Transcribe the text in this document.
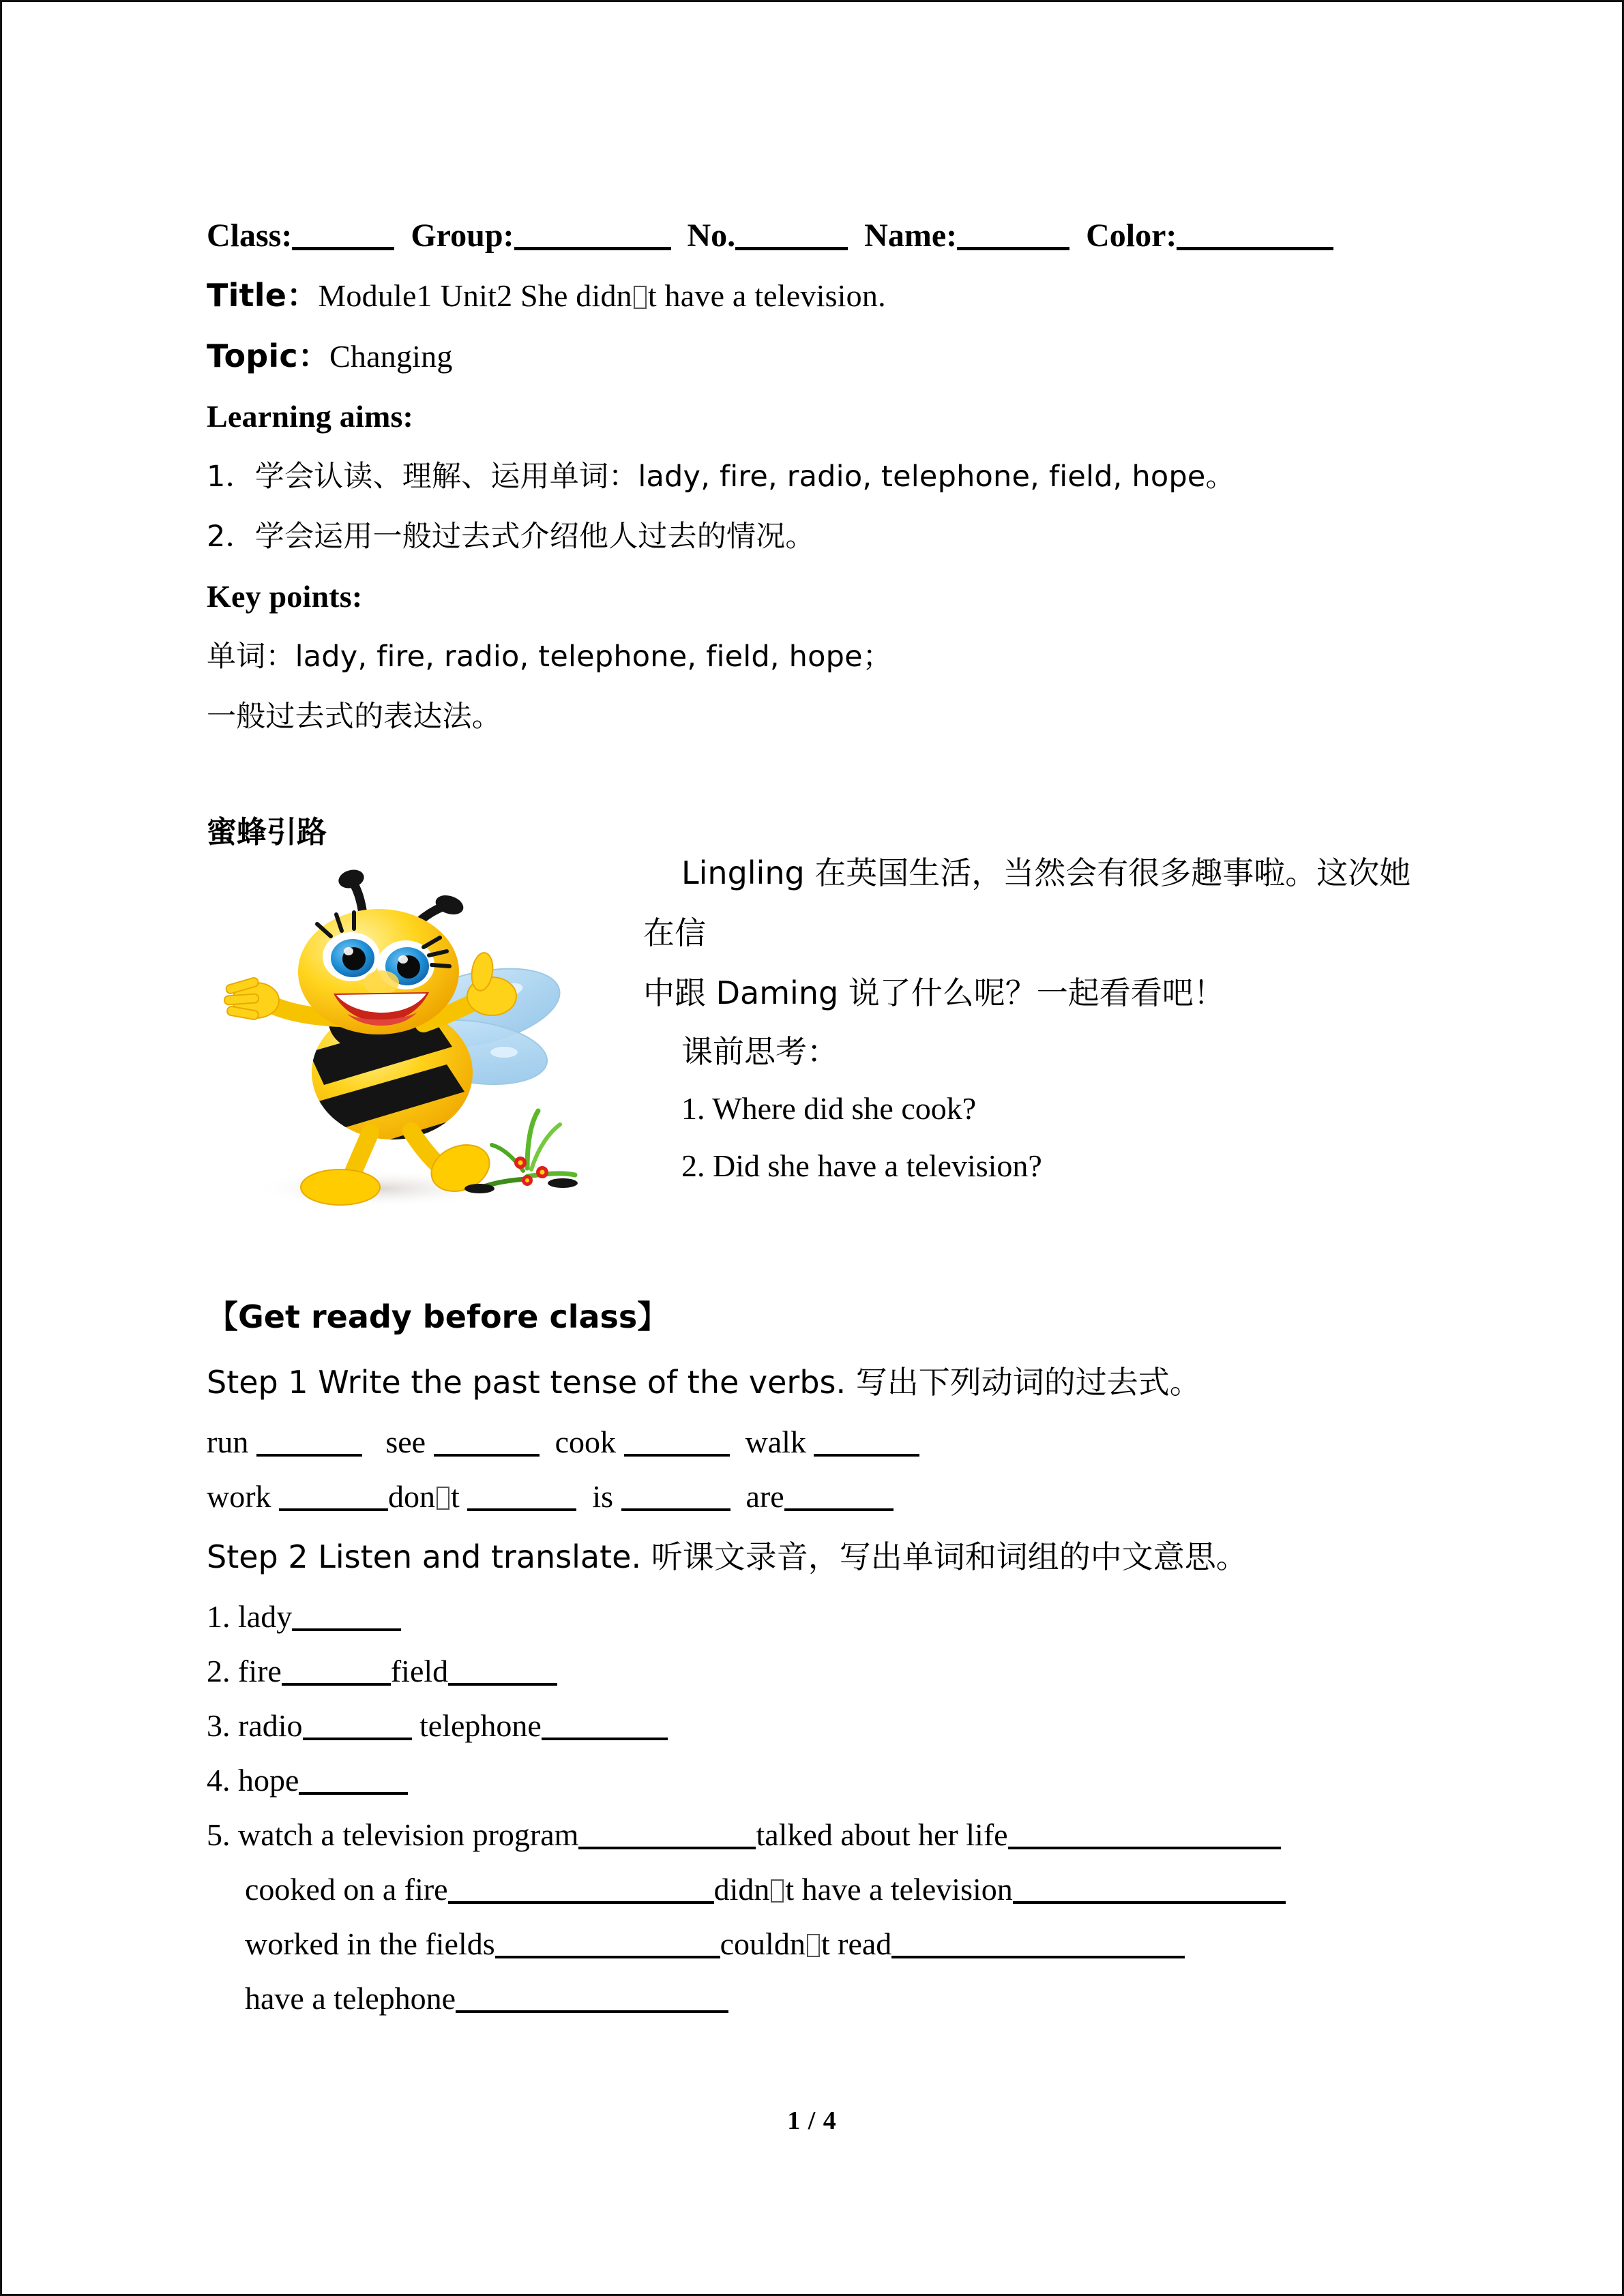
Class:	Group:	No.	Name:	Color:
Title：Module1 Unit2 She didn t have a television.
Topic：Changing
Learning aims:
1．学会认读、理解、运用单词：lady, fire, radio, telephone, field, hope。
2．学会运用一般过去式介绍他人过去的情况。
Key points:
单词：lady, fire, radio, telephone, field, hope；
一般过去式的表达法。
蜜蜂引路
Lingling 在英国生活，当然会有很多趣事啦。这次她在信
中跟 Daming 说了什么呢？一起看看吧！
课前思考：
1. Where did she cook?
2. Did she have a television?
【Get ready before class】
Step 1 Write the past tense of the verbs. 写出下列动词的过去式。
run	see	cook	walk
work	don t	is	are
Step 2 Listen and translate. 听课文录音，写出单词和词组的中文意思。
1. lady
2. fire	field
3. radio	telephone
4. hope
5. watch a television program	talked about her life
cooked on a fire	didn t have a television
worked in the fields	couldn t read
have a telephone
1 / 4
